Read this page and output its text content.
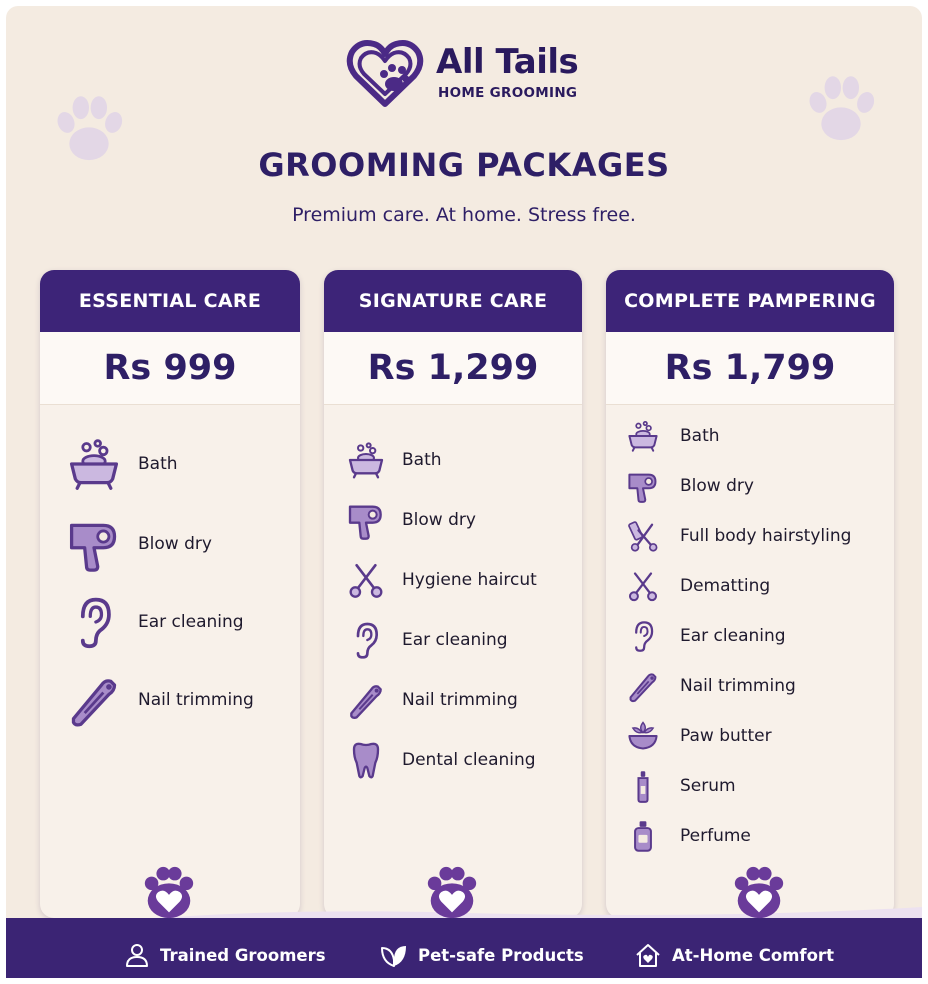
All Tails
HOME GROOMING
GROOMING PACKAGES
Premium care. At home. Stress free.
ESSENTIAL CARE
Rs 999
Bath
Blow dry
Ear cleaning
Nail trimming
SIGNATURE CARE
Rs 1,299
Bath
Blow dry
Hygiene haircut
Ear cleaning
Nail trimming
Dental cleaning
COMPLETE PAMPERING
Rs 1,799
Bath
Blow dry
Full body hairstyling
Dematting
Ear cleaning
Nail trimming
Paw butter
Serum
Perfume
Trained Groomers	Pet-safe Products	At-Home Comfort
